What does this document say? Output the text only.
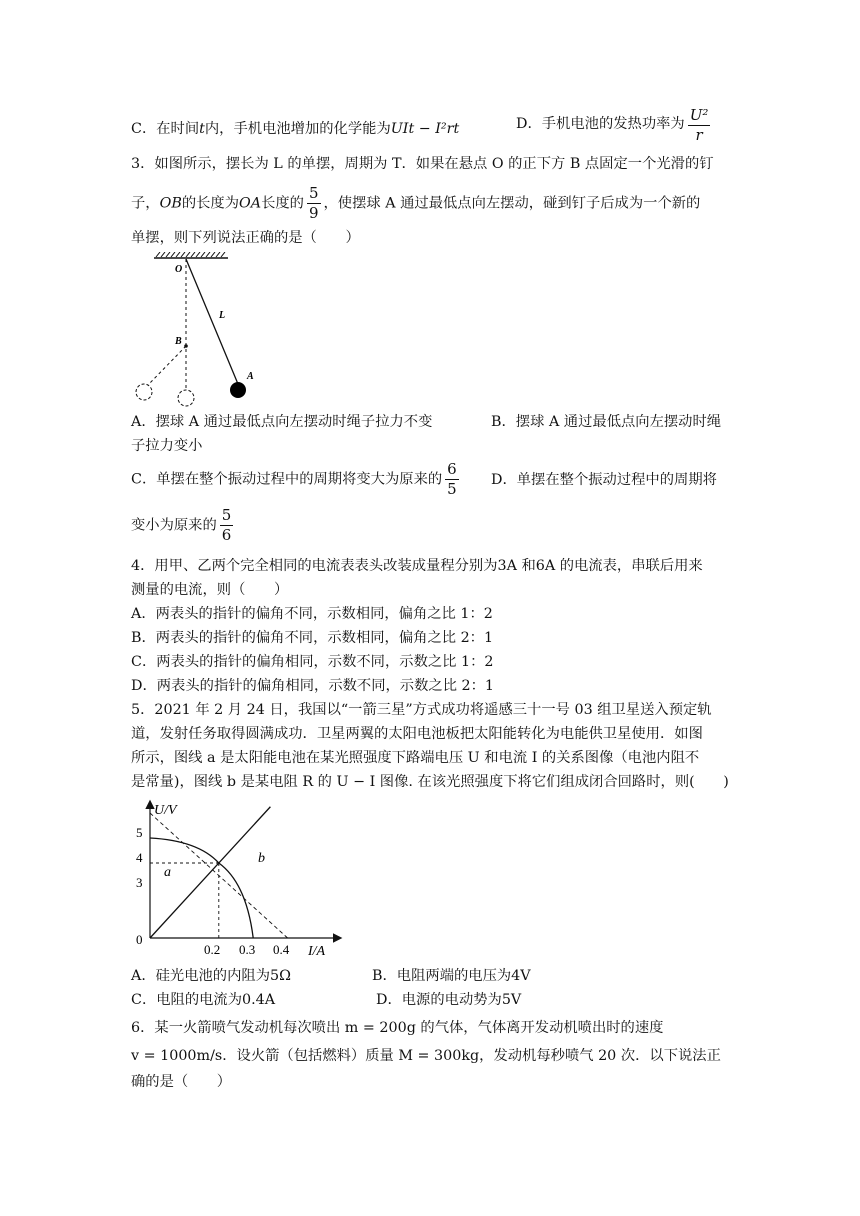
C．在时间t内，手机电池增加的化学能为UIt − I²rt	D．手机电池的发热功率为 $\frac{\text{U²}}{r}$
3．如图所示，摆长为 L 的单摆，周期为 T．如果在悬点 O 的正下方 B 点固定一个光滑的钉
子，OB的长度为OA长度的 $\frac{5}{9}$ ，使摆球 A 通过最低点向左摆动，碰到钉子后成为一个新的
单摆，则下列说法正确的是（　　）
O
L
B
A
A．摆球 A 通过最低点向左摆动时绳子拉力不变	B．摆球 A 通过最低点向左摆动时绳
子拉力变小
C．单摆在整个振动过程中的周期将变大为原来的 $\frac{6}{5}$ D．单摆在整个振动过程中的周期将
变小为原来的 $\frac{5}{6}$
4．用甲、乙两个完全相同的电流表表头改装成量程分别为3A 和6A 的电流表，串联后用来
测量的电流，则（　　）
A．两表头的指针的偏角不同，示数相同，偏角之比 1：2
B．两表头的指针的偏角不同，示数相同，偏角之比 2：1
C．两表头的指针的偏角相同，示数不同，示数之比 1：2
D．两表头的指针的偏角相同，示数不同，示数之比 2：1
5．2021 年 2 月 24 日，我国以“一箭三星”方式成功将遥感三十一号 03 组卫星送入预定轨
道，发射任务取得圆满成功．卫星两翼的太阳电池板把太阳能转化为电能供卫星使用．如图
所示，图线 a 是太阳能电池在某光照强度下路端电压 U 和电流 I 的关系图像（电池内阻不
是常量)，图线 b 是某电阻 R 的 U − I 图像. 在该光照强度下将它们组成闭合回路时，则(　　)
U/V
I/A
5
4
3
0
0.2 0.3 0.4
a
b
A．硅光电池的内阻为5Ω	B．电阻两端的电压为4V
C．电阻的电流为0.4A	D．电源的电动势为5V
6．某一火箭喷气发动机每次喷出 m = 200g 的气体，气体离开发动机喷出时的速度
v = 1000m/s．设火箭（包括燃料）质量 M = 300kg，发动机每秒喷气 20 次．以下说法正
确的是（　　）
